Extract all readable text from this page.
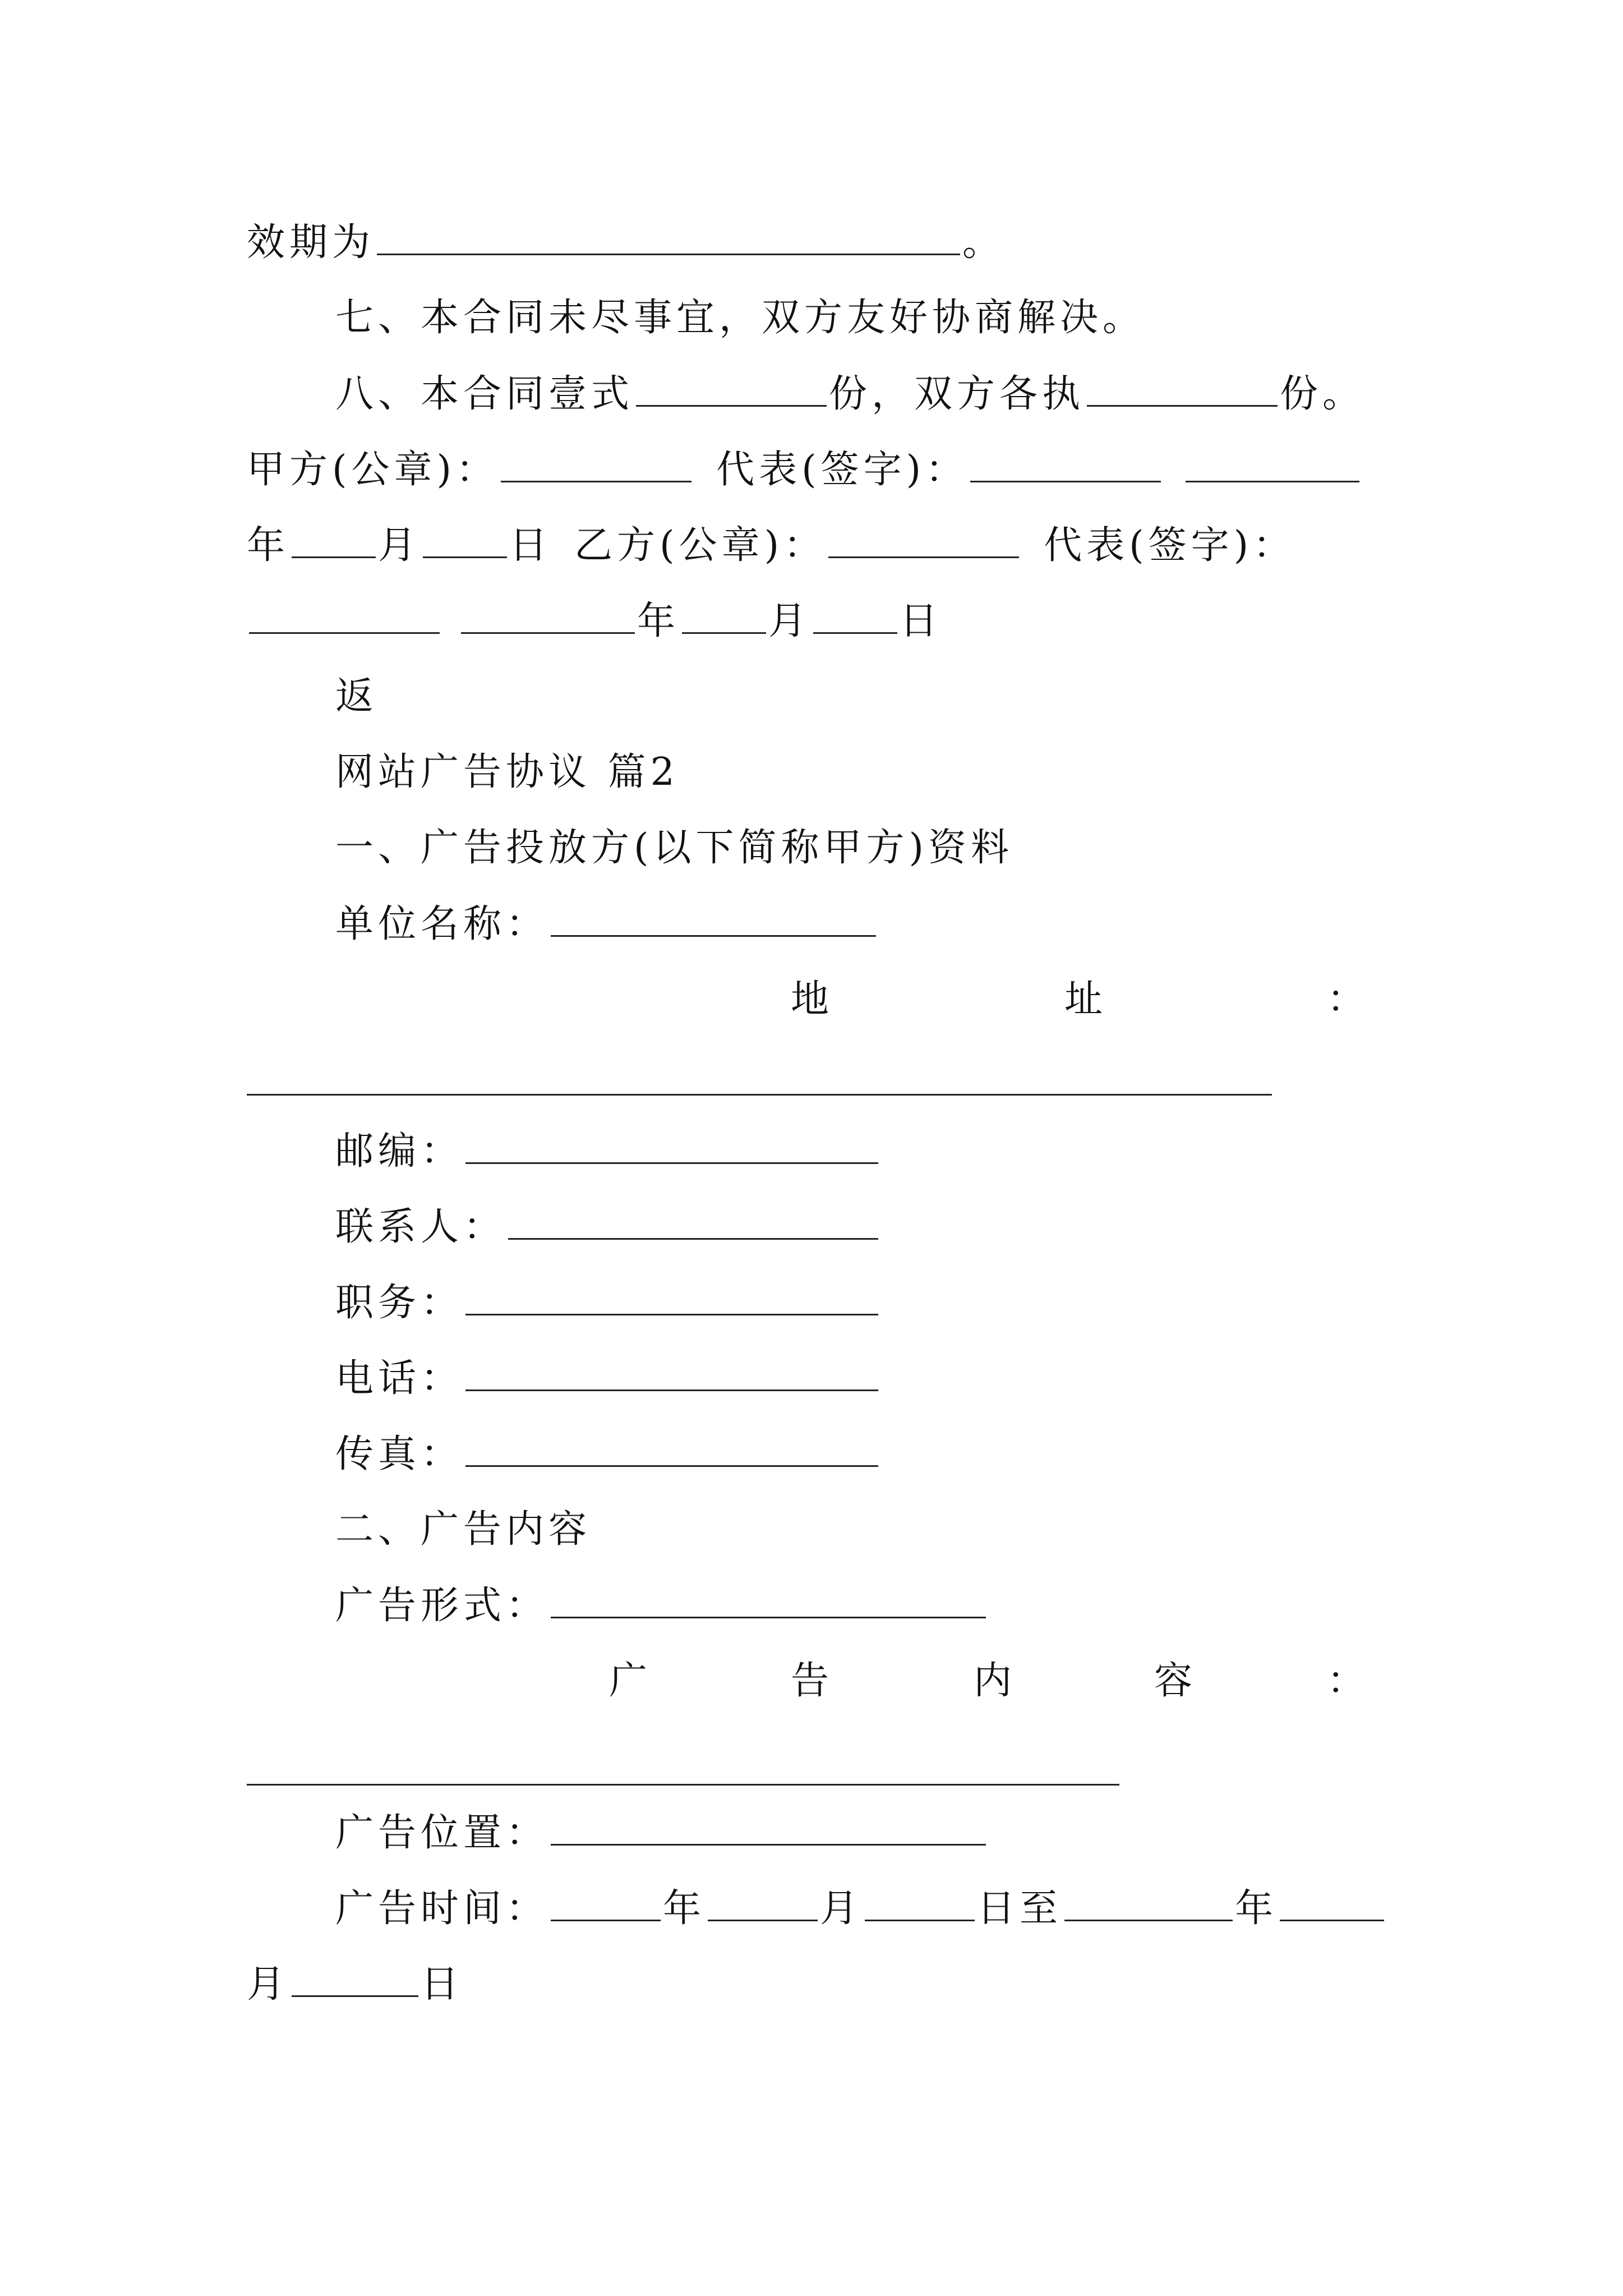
效期为	。
七、本合同未尽事宜，双方友好协商解决。
八、本合同壹式	份，双方各执	份。
甲方(公章)：	代表(签字)：
年 月 日 乙方(公章)：	代表(签字)：
年 月 日
返
网站广告协议 篇2
一、广告投放方(以下简称甲方)资料
单位名称：
地	址	：
邮编：
联系人：
职务：
电话：
传真：
二、广告内容
广告形式：
广	告	内	容	：
广告位置：
广告时间：	年	月	日至	年
月	日
